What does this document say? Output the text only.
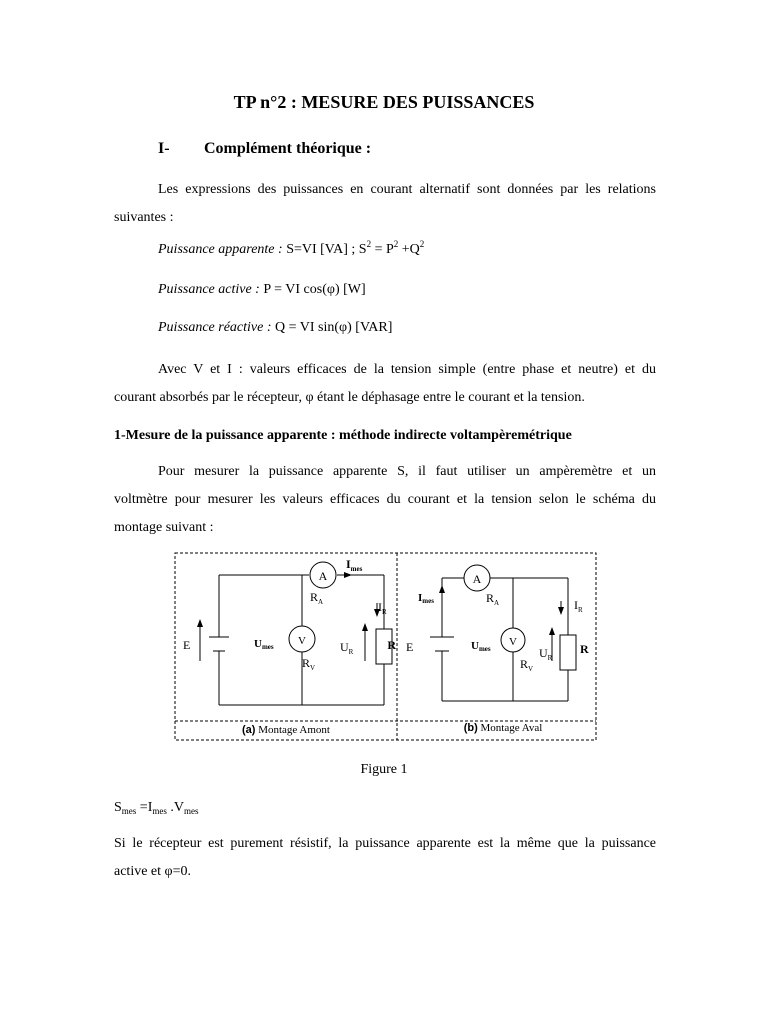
TP n°2 : MESURE DES PUISSANCES
I- Complément théorique :
Les expressions des puissances en courant alternatif sont données par les relations
suivantes :
Puissance apparente : S=VI [VA] ; $S^2 = P^2 +Q^2$
Puissance active : P = VI cos(φ) [W]
Puissance réactive : Q = VI sin(φ) [VAR]
Avec V et I : valeurs efficaces de la tension simple (entre phase et neutre) et du
courant absorbés par le récepteur, φ étant le déphasage entre le courant et la tension.
1-Mesure de la puissance apparente : méthode indirecte voltampèremétrique
Pour mesurer la puissance apparente S, il faut utiliser un ampèremètre et un
voltmètre pour mesurer les valeurs efficaces du courant et la tension selon le schéma du
montage suivant :
A
V
$I_{mes}$
$R_A$	$I_R$
E	Umes
$R_V$
$U_R$	R
A
V
Imes	$R_A$	$I_R$
E	Umes
$R_V$
$U_R$
R
(a) Montage Amont	(b) Montage Aval
Figure 1
$S_{mes} =I_{mes}$ $.V_{mes}$
Si le récepteur est purement résistif, la puissance apparente est la même que la puissance
active et φ=0.
